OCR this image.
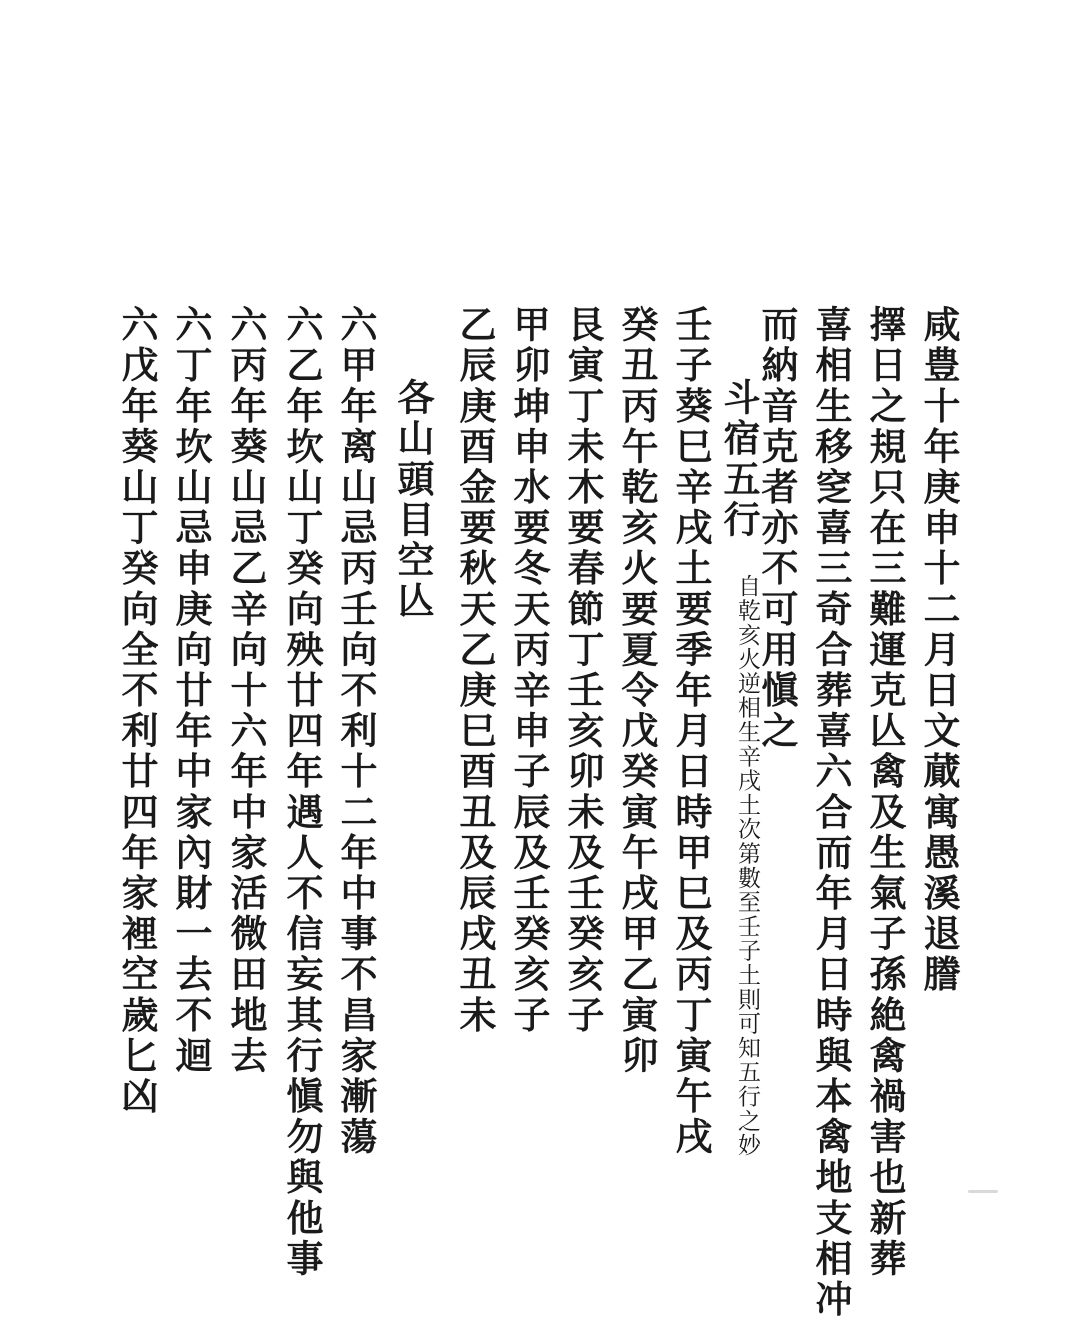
咸豊十年庚申十二月日文蕆寓愚溪退謄
擇日之規只在三難運克亾禽及生氣子孫絶禽禍害也新葬
喜相生移窆喜三奇合葬喜六合而年月日時與本禽地支相冲
而納音克者亦不可用愼之
斗宿五行
自乾亥火逆相生辛戌土次第數至壬子土則可知五行之妙
壬子葵巳辛戌土要季年月日時甲巳及丙丁寅午戌
癸丑丙午乾亥火要夏令戊癸寅午戌甲乙寅卯
艮寅丁未木要春節丁壬亥卯未及壬癸亥子
甲卯坤申水要冬天丙辛申子辰及壬癸亥子
乙辰庚酉金要秋天乙庚巳酉丑及辰戌丑未
各山頭目空亾
六甲年离山忌丙壬向不利十二年中事不昌家漸蕩
六乙年坎山丁癸向殃廿四年遇人不信妄其行愼勿與他事
六丙年葵山忌乙辛向十六年中家活微田地去
六丁年坎山忌申庚向廿年中家內財一去不迴
六戊年葵山丁癸向全不利廿四年家裡空歲匕凶
